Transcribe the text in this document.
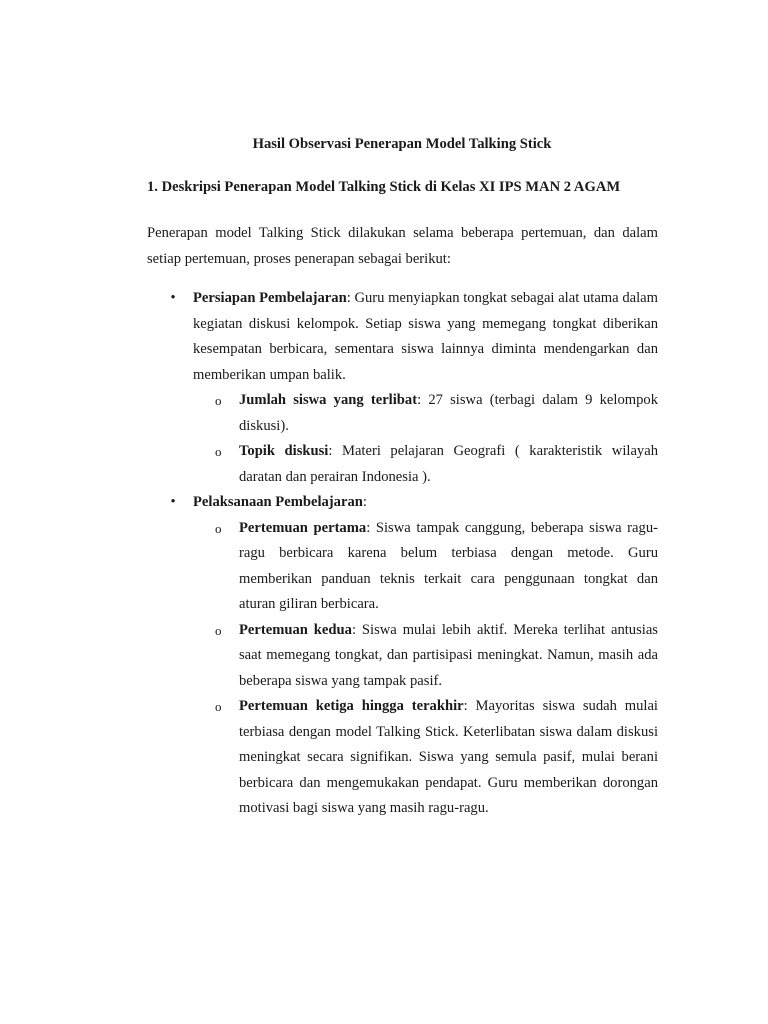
Hasil Observasi Penerapan Model Talking Stick
1. Deskripsi Penerapan Model Talking Stick di Kelas XI IPS MAN 2 AGAM

Penerapan model Talking Stick dilakukan selama beberapa pertemuan, dan dalam setiap pertemuan, proses penerapan sebagai berikut:

• Persiapan Pembelajaran: Guru menyiapkan tongkat sebagai alat utama dalam kegiatan diskusi kelompok. Setiap siswa yang memegang tongkat diberikan kesempatan berbicara, sementara siswa lainnya diminta mendengarkan dan memberikan umpan balik.
o Jumlah siswa yang terlibat: 27 siswa (terbagi dalam 9 kelompok diskusi).
o Topik diskusi: Materi pelajaran Geografi ( karakteristik wilayah daratan dan perairan Indonesia ).
• Pelaksanaan Pembelajaran:
o Pertemuan pertama: Siswa tampak canggung, beberapa siswa ragu-ragu berbicara karena belum terbiasa dengan metode. Guru memberikan panduan teknis terkait cara penggunaan tongkat dan aturan giliran berbicara.
o Pertemuan kedua: Siswa mulai lebih aktif. Mereka terlihat antusias saat memegang tongkat, dan partisipasi meningkat. Namun, masih ada beberapa siswa yang tampak pasif.
o Pertemuan ketiga hingga terakhir: Mayoritas siswa sudah mulai terbiasa dengan model Talking Stick. Keterlibatan siswa dalam diskusi meningkat secara signifikan. Siswa yang semula pasif, mulai berani berbicara dan mengemukakan pendapat. Guru memberikan dorongan motivasi bagi siswa yang masih ragu-ragu.
